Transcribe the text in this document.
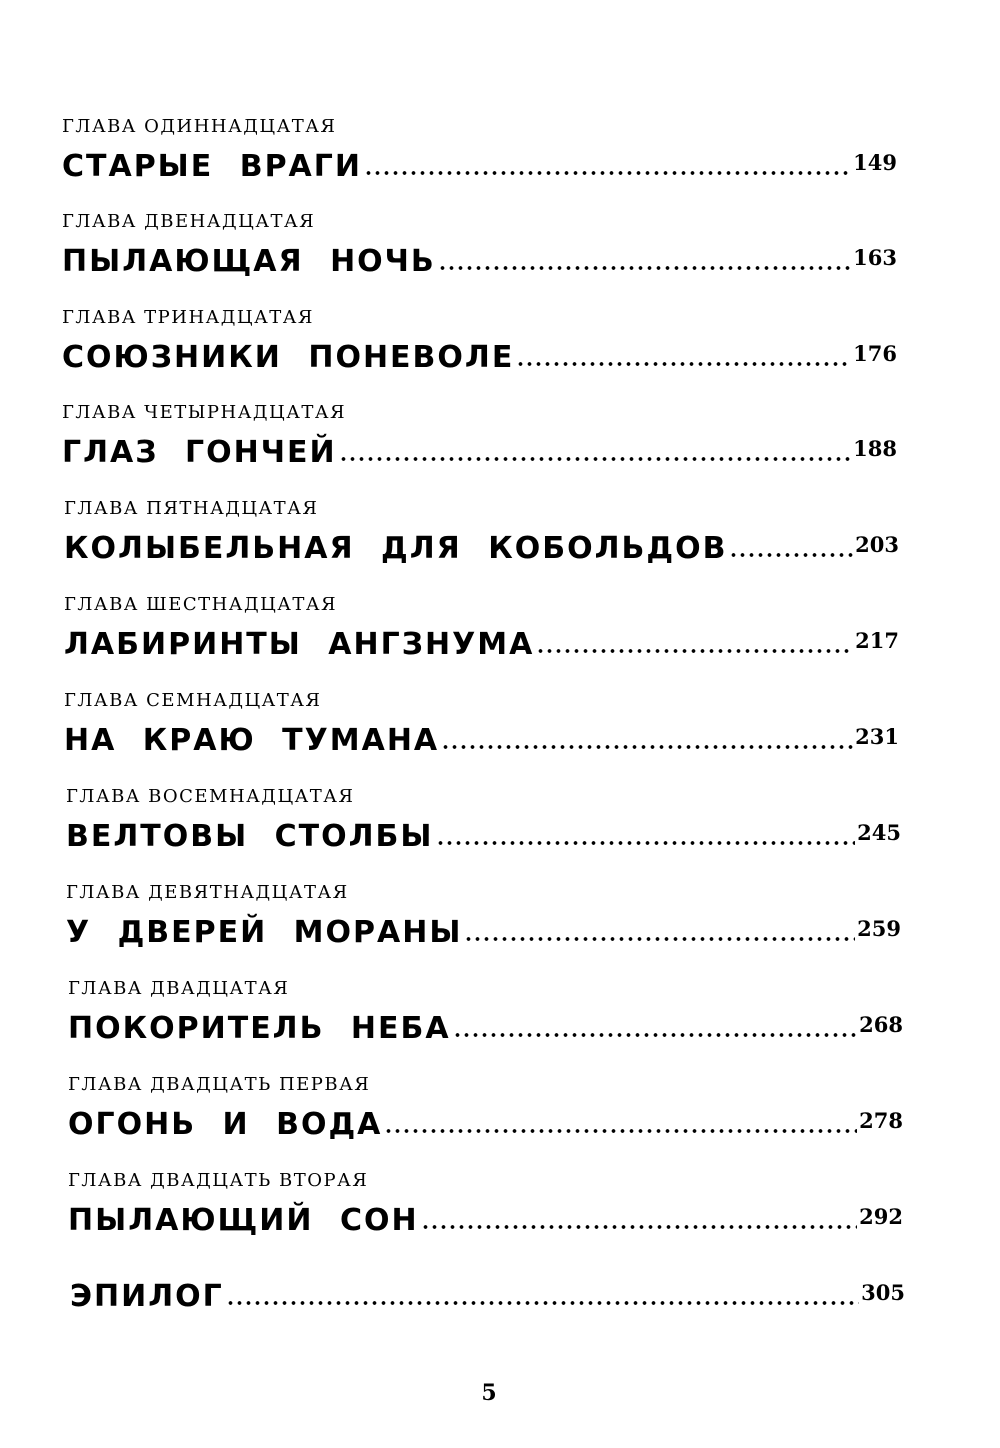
ГЛАВА ОДИННАДЦАТАЯ
СТАРЫЕ ВРАГИ	149
ГЛАВА ДВЕНАДЦАТАЯ
ПЫЛАЮЩАЯ НОЧЬ	163
ГЛАВА ТРИНАДЦАТАЯ
СОЮЗНИКИ ПОНЕВОЛЕ	176
ГЛАВА ЧЕТЫРНАДЦАТАЯ
ГЛАЗ ГОНЧЕЙ	188
ГЛАВА ПЯТНАДЦАТАЯ
КОЛЫБЕЛЬНАЯ ДЛЯ КОБОЛЬДОВ	203
ГЛАВА ШЕСТНАДЦАТАЯ
ЛАБИРИНТЫ АНГЗНУМА	217
ГЛАВА СЕМНАДЦАТАЯ
НА КРАЮ ТУМАНА	231
ГЛАВА ВОСЕМНАДЦАТАЯ
ВЕЛТОВЫ СТОЛБЫ	245
ГЛАВА ДЕВЯТНАДЦАТАЯ
У ДВЕРЕЙ МОРАНЫ	259
ГЛАВА ДВАДЦАТАЯ
ПОКОРИТЕЛЬ НЕБА	268
ГЛАВА ДВАДЦАТЬ ПЕРВАЯ
ОГОНЬ И ВОДА	278
ГЛАВА ДВАДЦАТЬ ВТОРАЯ
ПЫЛАЮЩИЙ СОН	292
ЭПИЛОГ	305
5
